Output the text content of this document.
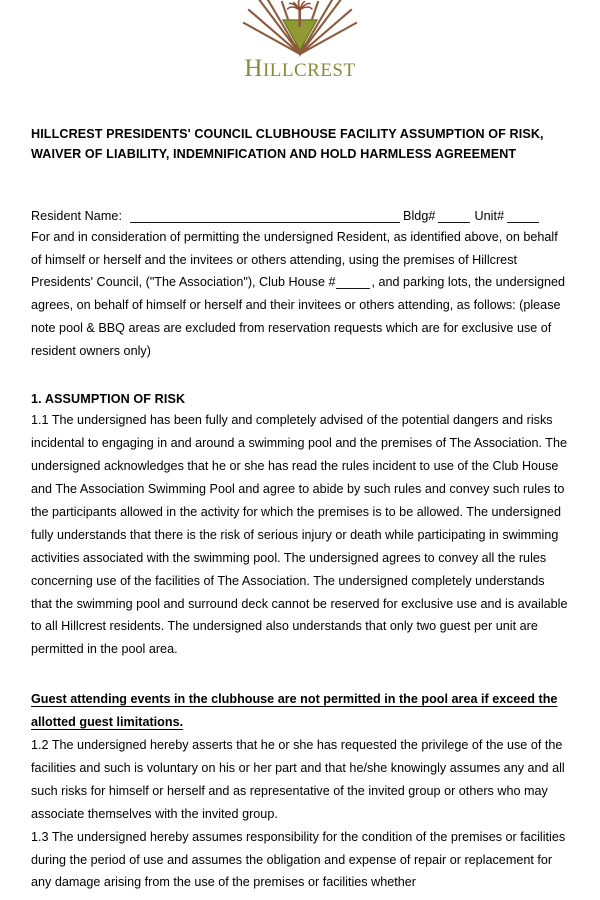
HILLCREST
HILLCREST PRESIDENTS' COUNCIL CLUBHOUSE FACILITY ASSUMPTION OF RISK, WAIVER OF LIABILITY, INDEMNIFICATION AND HOLD HARMLESS AGREEMENT
Resident Name:	Bldg#	Unit#

For and in consideration of permitting the undersigned Resident, as identified above, on behalf of himself or herself and the invitees or others attending, using the premises of Hillcrest Presidents' Council, ("The Association"), Club House #	, and parking lots, the undersigned agrees, on behalf of himself or herself and their invitees or others attending, as follows: (please note pool & BBQ areas are excluded from reservation requests which are for exclusive use of resident owners only)

1. ASSUMPTION OF RISK

1.1 The undersigned has been fully and completely advised of the potential dangers and risks incidental to engaging in and around a swimming pool and the premises of The Association. The undersigned acknowledges that he or she has read the rules incident to use of the Club House and The Association Swimming Pool and agree to abide by such rules and convey such rules to the participants allowed in the activity for which the premises is to be allowed. The undersigned fully understands that there is the risk of serious injury or death while participating in swimming activities associated with the swimming pool. The undersigned agrees to convey all the rules concerning use of the facilities of The Association. The undersigned completely understands that the swimming pool and surround deck cannot be reserved for exclusive use and is available to all Hillcrest residents. The undersigned also understands that only two guest per unit are permitted in the pool area.

Guest attending events in the clubhouse are not permitted in the pool area if exceed the allotted guest limitations.

1.2 The undersigned hereby asserts that he or she has requested the privilege of the use of the facilities and such is voluntary on his or her part and that he/she knowingly assumes any and all such risks for himself or herself and as representative of the invited group or others who may associate themselves with the invited group.

1.3 The undersigned hereby assumes responsibility for the condition of the premises or facilities during the period of use and assumes the obligation and expense of repair or replacement for any damage arising from the use of the premises or facilities whether
